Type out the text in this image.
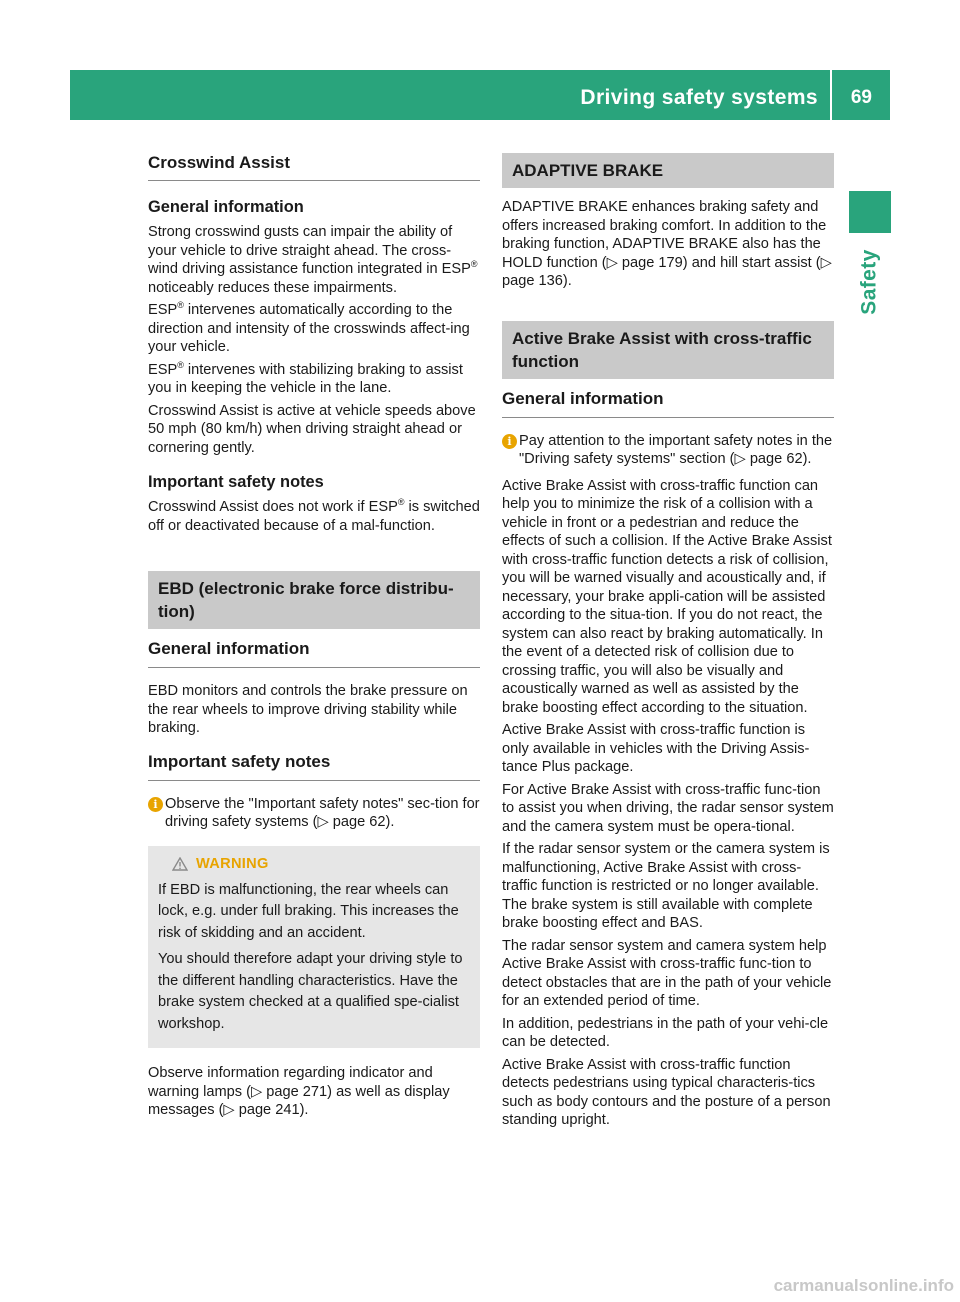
Driving safety systems 69
Safety
Crosswind Assist
General information

Strong crosswind gusts can impair the ability of your vehicle to drive straight ahead. The cross-wind driving assistance function integrated in ESP® noticeably reduces these impairments.

ESP® intervenes automatically according to the direction and intensity of the crosswinds affect-ing your vehicle.

ESP® intervenes with stabilizing braking to assist you in keeping the vehicle in the lane.

Crosswind Assist is active at vehicle speeds above 50 mph (80 km/h) when driving straight ahead or cornering gently.

Important safety notes

Crosswind Assist does not work if ESP® is switched off or deactivated because of a mal-function.

EBD (electronic brake force distribu-tion)
General information

EBD monitors and controls the brake pressure on the rear wheels to improve driving stability while braking.

Important safety notes
i Observe the "Important safety notes" sec-tion for driving safety systems (▷ page 62).

WARNING

If EBD is malfunctioning, the rear wheels can lock, e.g. under full braking. This increases the risk of skidding and an accident.

You should therefore adapt your driving style to the different handling characteristics. Have the brake system checked at a qualified spe-cialist workshop.

Observe information regarding indicator and warning lamps (▷ page 271) as well as display messages (▷ page 241).

ADAPTIVE BRAKE

ADAPTIVE BRAKE enhances braking safety and offers increased braking comfort. In addition to the braking function, ADAPTIVE BRAKE also has the HOLD function (▷ page 179) and hill start assist (▷ page 136).

Active Brake Assist with cross-traffic function
General information
i Pay attention to the important safety notes in the "Driving safety systems" section (▷ page 62).

Active Brake Assist with cross-traffic function can help you to minimize the risk of a collision with a vehicle in front or a pedestrian and reduce the effects of such a collision. If the Active Brake Assist with cross-traffic function detects a risk of collision, you will be warned visually and acoustically and, if necessary, your brake appli-cation will be assisted according to the situa-tion. If you do not react, the system can also react by braking automatically. In the event of a detected risk of collision due to crossing traffic, you will also be visually and acoustically warned as well as assisted by the brake boosting effect according to the situation.

Active Brake Assist with cross-traffic function is only available in vehicles with the Driving Assis-tance Plus package.

For Active Brake Assist with cross-traffic func-tion to assist you when driving, the radar sensor system and the camera system must be opera-tional.

If the radar sensor system or the camera system is malfunctioning, Active Brake Assist with cross-traffic function is restricted or no longer available. The brake system is still available with complete brake boosting effect and BAS.

The radar sensor system and camera system help Active Brake Assist with cross-traffic func-tion to detect obstacles that are in the path of your vehicle for an extended period of time.

In addition, pedestrians in the path of your vehi-cle can be detected.

Active Brake Assist with cross-traffic function detects pedestrians using typical characteris-tics such as body contours and the posture of a person standing upright.

carmanualsonline.info
